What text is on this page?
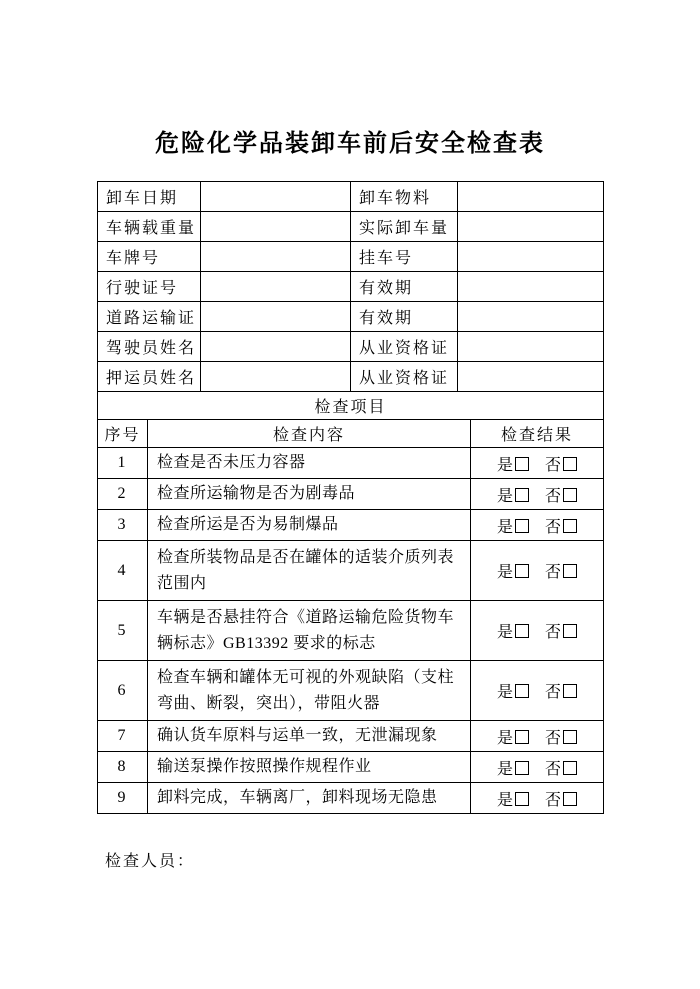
危险化学品装卸车前后安全检查表
卸车日期		卸车物料	
车辆载重量		实际卸车量	
车牌号		挂车号	
行驶证号		有效期	
道路运输证		有效期	
驾驶员姓名		从业资格证	
押运员姓名		从业资格证	
检查项目		
序号	检查内容	检查结果
1	检查是否未压力容器	是 否
2	检查所运输物是否为剧毒品	是 否
3	检查所运是否为易制爆品	是 否
4	检查所装物品是否在罐体的适装介质列表范围内	是 否
5	车辆是否悬挂符合《道路运输危险货物车辆标志》GB13392 要求的标志	是 否
6	检查车辆和罐体无可视的外观缺陷（支柱弯曲、断裂，突出），带阻火器	是 否
7	确认货车原料与运单一致，无泄漏现象	是 否
8	输送泵操作按照操作规程作业	是 否
9	卸料完成，车辆离厂，卸料现场无隐患	是 否
检查人员：
